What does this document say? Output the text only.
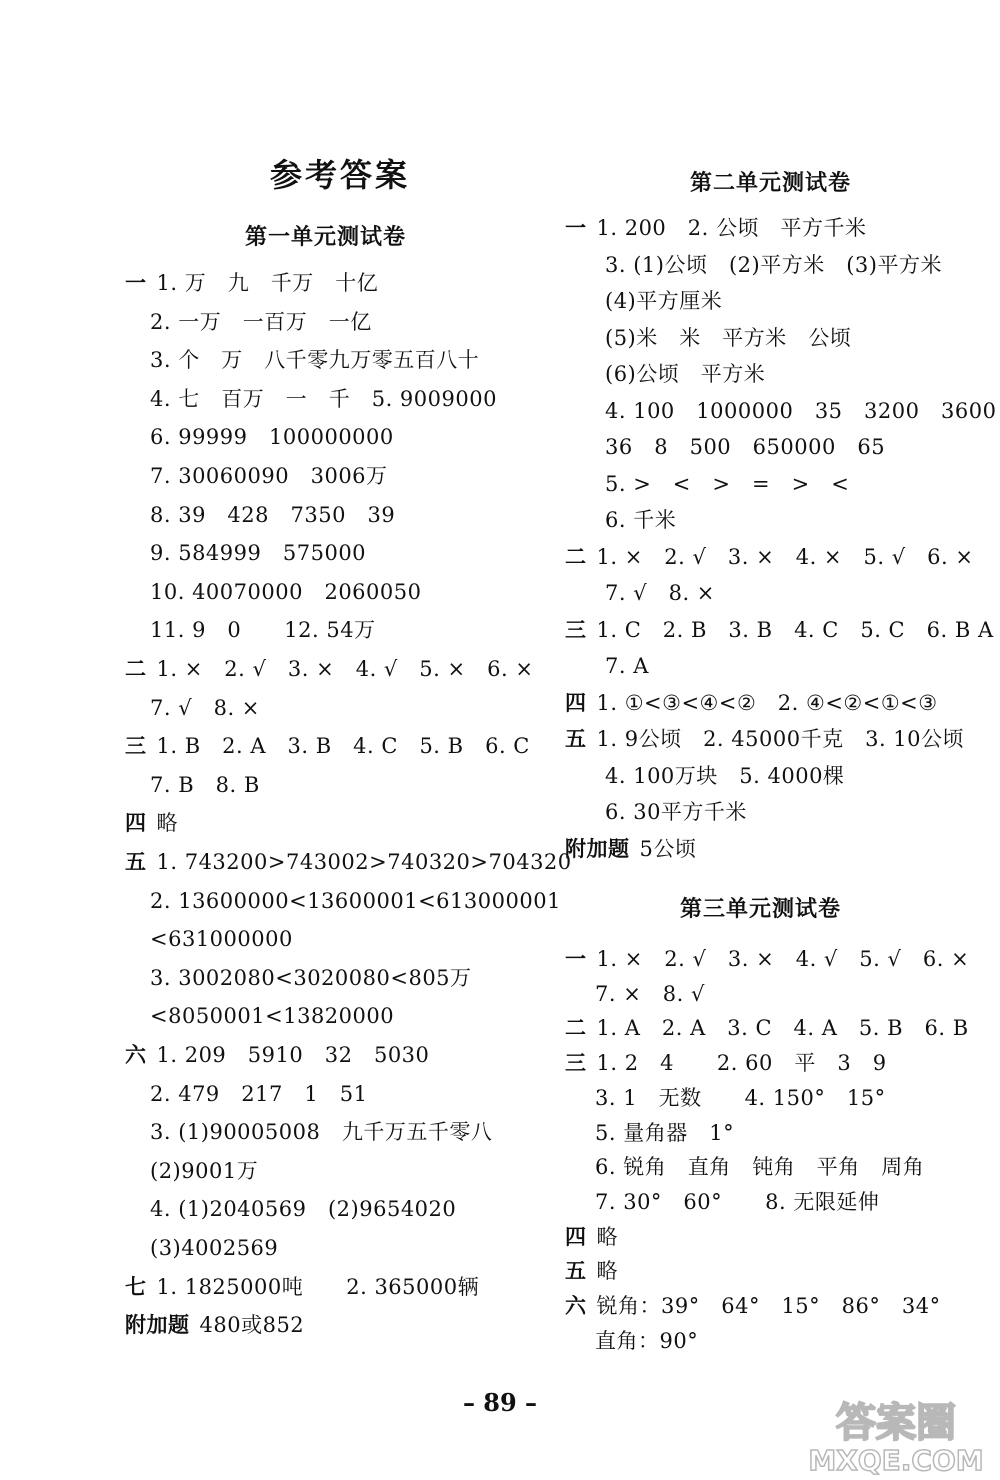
参考答案
第一单元测试卷
一 1. 万　九　千万　十亿
2. 一万　一百万　一亿
3. 个　万　八千零九万零五百八十
4. 七　百万　一　千　5. 9009000
6. 99999　100000000
7. 30060090　3006万
8. 39　428　7350　39
9. 584999　575000
10. 40070000　2060050
11. 9　0　　12. 54万
二 1. ×　2. √　3. ×　4. √　5. ×　6. ×
7. √　8. ×
三 1. B　2. A　3. B　4. C　5. B　6. C
7. B　8. B
四 略
五 1. 743200>743002>740320>704320
2. 13600000<13600001<613000001
<631000000
3. 3002080<3020080<805万
<8050001<13820000
六 1. 209　5910　32　5030
2. 479　217　1　51
3. (1)90005008　九千万五千零八
(2)9001万
4. (1)2040569　(2)9654020
(3)4002569
七 1. 1825000吨　　2. 365000辆
附加题 480或852
第二单元测试卷
一 1. 200　2. 公顷　平方千米
3. (1)公顷　(2)平方米　(3)平方米
(4)平方厘米
(5)米　米　平方米　公顷
(6)公顷　平方米
4. 100　1000000　35　3200　3600
36　8　500　650000　65
5. >　<　>　=　>　<
6. 千米
二 1. ×　2. √　3. ×　4. ×　5. √　6. ×
7. √　8. ×
三 1. C　2. B　3. B　4. C　5. C　6. B A
7. A
四 1. ①<③<④<②　2. ④<②<①<③
五 1. 9公顷　2. 45000千克　3. 10公顷
4. 100万块　5. 4000棵
6. 30平方千米
附加题 5公顷
第三单元测试卷
一 1. ×　2. √　3. ×　4. √　5. √　6. ×
7. ×　8. √
二 1. A　2. A　3. C　4. A　5. B　6. B
三 1. 2　4　　2. 60　平　3　9
3. 1　无数　　4. 150°　15°
5. 量角器　1°
6. 锐角　直角　钝角　平角　周角
7. 30°　60°　　8. 无限延伸
四 略
五 略
六 锐角：39°　64°　15°　86°　34°
直角：90°
– 89 –	答案圈
MXQE.COM
